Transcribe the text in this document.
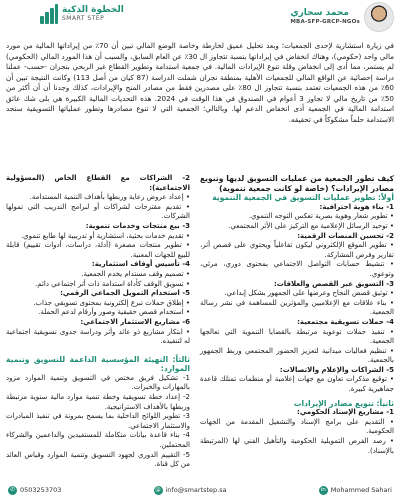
الخطوة الذكية
SMART STEP
محمد سحاري
MBA-SFP-GRCP-NGOs

في زيارة استشارية لإحدى الجمعيات؛ وبعد تحليل عميق لخارطة وخاصة الوضع المالي تبين أن 70٪ من إيراداتها المالية من مورد مالي واحد (حكومي)، وهناك انخفاض في إيراداتها بنسبة تتجاوز ال 30٪ عن العام السابق، والسبب أن هذا المورد المالي (الحكومي) لم يستمر، مما أدى إلى انخفاض وقلة تنوع الإيرادات المالية. في جمعية استدامة وتطوير القطاع غير الربحي بنجران -حسب- عملنا دراسة إحصائية عن الواقع المالي للجمعيات الأهلية بمنطقة نجران شملت الدراسة (87 كيان من أصل 113) وكانت النتيجة تبين أن 60٪ من هذه الجمعيات تعتمد بنسبة تتجاوز ال 80٪ على مصدرين فقط من مصادر المنح والإيرادات، كذلك وجدنا أن أن أكثر من 50٪ من تاريخ مالي لا تجاوز 3 أعوام في الصندوق في هذا الوقت في 2024. هذه التحديات المالية الكبيرة هي بلى شك عائق استدامة المالية في الجمعية أدى انخفاض الدعم لها. وبالتالي؛ الجمعية التي لا تنوع مصادرها وتطور عملياتها التسويقية ستجد الاستدامة حلماً مشكوكاً في تحقيقه.

كيف تطور الجمعية من عمليات التسويق لديها وتنويع مصادر الإيرادات؟ (خاصة لو كانت جمعية تنموية)

أولاً: تطوير عمليات التسويق في الجمعية التنموية

1- بناء هوية احترافية:

• تطوير شعار وهوية بصرية تعكس التوجه التنموي.

• توحيد الرسائل الإعلامية مع التركيز على الأثر المجتمعي.

2- تحسين المنصات الرقمية:

• تطوير الموقع الإلكتروني ليكون تفاعلياً ويحتوي على قصص أثر، تقارير وفرص المشاركة.

• تنشيط حسابات التواصل الاجتماعي بمحتوى دوري، مرئي، وتوعوي.

3- التسويق عبر القصص والعلاقات:

• توثيق قصص النجاح وعرضها على الجمهور بشكل إبداعي.

• بناء علاقات مع الإعلاميين والمؤثرين للمساهمة في نشر رسالة الجمعية.

4- حملات تسويقية مجتمعية:

• تنفيذ حملات توعوية مرتبطة بالقضايا التنموية التي تعالجها الجمعية.

• تنظيم فعاليات ميدانية لتعزيز الحضور المجتمعي وربط الجمهور بالجمعية.

5- الشراكات والإعلام والاتصالات:

• توقيع مذكرات تعاون مع جهات إعلامية أو منظمات تمتلك قاعدة جماهيرية كبيرة.

ثانياً: تنويع مصادر الإيرادات

1- مشاريع الإسناد الحكومي:

• التقديم على برامج الإسناد والتشغيل المقدمة من الجهات الحكومية.

• رصد الفرص التمويلية الحكومية والتأهيل الفني لها (المرتبطة بالإسناد).

2- الشراكات مع القطاع الخاص (المسؤولية الاجتماعية):

• إعداد عروض رعاية وربطها بأهداف التنمية المستدامة.

• تقديم مقترحات لشراكات أو لبرامج التدريب التي تمولها الشركات.

3- بيع منتجات وخدمات تنموية:

• تقديم خدمات بحثية، استشارية أو تدريبية لها طابع تنموي.

• تطوير منتجات مصغرة (أدلة، دراسات، أدوات تقييم) قابلة للبيع للجهات المعنية.

4- تأسيس أوقاف استثمارية:

• تصميم وقف مستدام يخدم الجمعية.

• تسويق الوقف كأداة استدامة ذات أثر اجتماعي دائم.

5- استخدام التمويل الجماعي الرقمي:

• إطلاق حملات تبرع إلكترونية بمحتوى تسويقي جذاب.

• استخدام قصص حقيقية وصور وأرقام لدعم الحملة.

6- مشاريع الاستثمار الاجتماعي:

• ابتكار مشاريع ذو عائد وأثر ودراسة جدوى تسويقية اجتماعية له لتنفيذه.

ثالثاً: التهيئة المؤسسية الداعمة للتسويق وتنمية الموارد:

1- تشكيل فريق مختص في التسويق وتنمية الموارد مزود بالمهارات والخبرات.

2- إعداد خطة تسويقية وخطة تنمية موارد مالية سنوية مرتبطة وربطها بالأهداف الاستراتيجية.

3- تطوير اللوائح الداخلية بما يسمح بمرونة في تنفيذ المبادرات والاستثمار الاجتماعي.

4- بناء قاعدة بيانات متكاملة للمستفيدين والداعمين والشركاء المحتملين.

5- التقييم الدوري لجهود التسويق وتنمية الموارد وقياس العائد من كل قناة.

✆ 0503253703	@ info@smartstep.sa	in Mohammed Sahari
